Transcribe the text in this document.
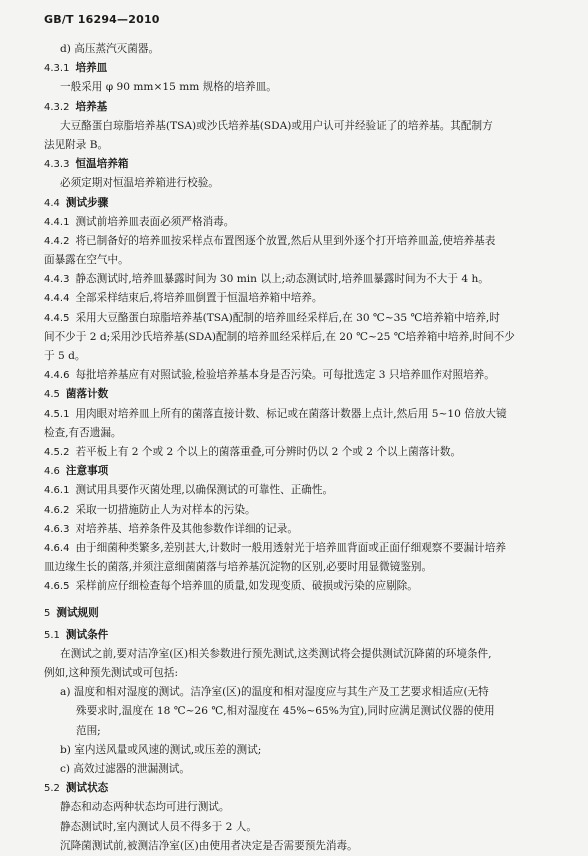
GB/T 16294—2010
d) 高压蒸汽灭菌器。
4.3.1 培养皿
一般采用 φ 90 mm×15 mm 规格的培养皿。
4.3.2 培养基
大豆酪蛋白琼脂培养基(TSA)或沙氏培养基(SDA)或用户认可并经验证了的培养基。其配制方
法见附录 B。
4.3.3 恒温培养箱
必须定期对恒温培养箱进行校验。
4.4 测试步骤
4.4.1 测试前培养皿表面必须严格消毒。
4.4.2 将已制备好的培养皿按采样点布置图逐个放置,然后从里到外逐个打开培养皿盖,使培养基表
面暴露在空气中。
4.4.3 静态测试时,培养皿暴露时间为 30 min 以上;动态测试时,培养皿暴露时间为不大于 4 h。
4.4.4 全部采样结束后,将培养皿倒置于恒温培养箱中培养。
4.4.5 采用大豆酪蛋白琼脂培养基(TSA)配制的培养皿经采样后,在 30 ℃~35 ℃培养箱中培养,时
间不少于 2 d;采用沙氏培养基(SDA)配制的培养皿经采样后,在 20 ℃~25 ℃培养箱中培养,时间不少
于 5 d。
4.4.6 每批培养基应有对照试验,检验培养基本身是否污染。可每批选定 3 只培养皿作对照培养。
4.5 菌落计数
4.5.1 用肉眼对培养皿上所有的菌落直接计数、标记或在菌落计数器上点计,然后用 5~10 倍放大镜
检查,有否遗漏。
4.5.2 若平板上有 2 个或 2 个以上的菌落重叠,可分辨时仍以 2 个或 2 个以上菌落计数。
4.6 注意事项
4.6.1 测试用具要作灭菌处理,以确保测试的可靠性、正确性。
4.6.2 采取一切措施防止人为对样本的污染。
4.6.3 对培养基、培养条件及其他参数作详细的记录。
4.6.4 由于细菌种类繁多,差别甚大,计数时一般用透射光于培养皿背面或正面仔细观察不要漏计培养
皿边缘生长的菌落,并须注意细菌菌落与培养基沉淀物的区别,必要时用显微镜鉴别。
4.6.5 采样前应仔细检查每个培养皿的质量,如发现变质、破损或污染的应剔除。
5 测试规则
5.1 测试条件
在测试之前,要对洁净室(区)相关参数进行预先测试,这类测试将会提供测试沉降菌的环境条件,
例如,这种预先测试或可包括:
a) 温度和相对湿度的测试。洁净室(区)的温度和相对湿度应与其生产及工艺要求相适应(无特
殊要求时,温度在 18 ℃~26 ℃,相对湿度在 45%~65%为宜),同时应满足测试仪器的使用
范围;
b) 室内送风量或风速的测试,或压差的测试;
c) 高效过滤器的泄漏测试。
5.2 测试状态
静态和动态两种状态均可进行测试。
静态测试时,室内测试人员不得多于 2 人。
沉降菌测试前,被测洁净室(区)由使用者决定是否需要预先消毒。
